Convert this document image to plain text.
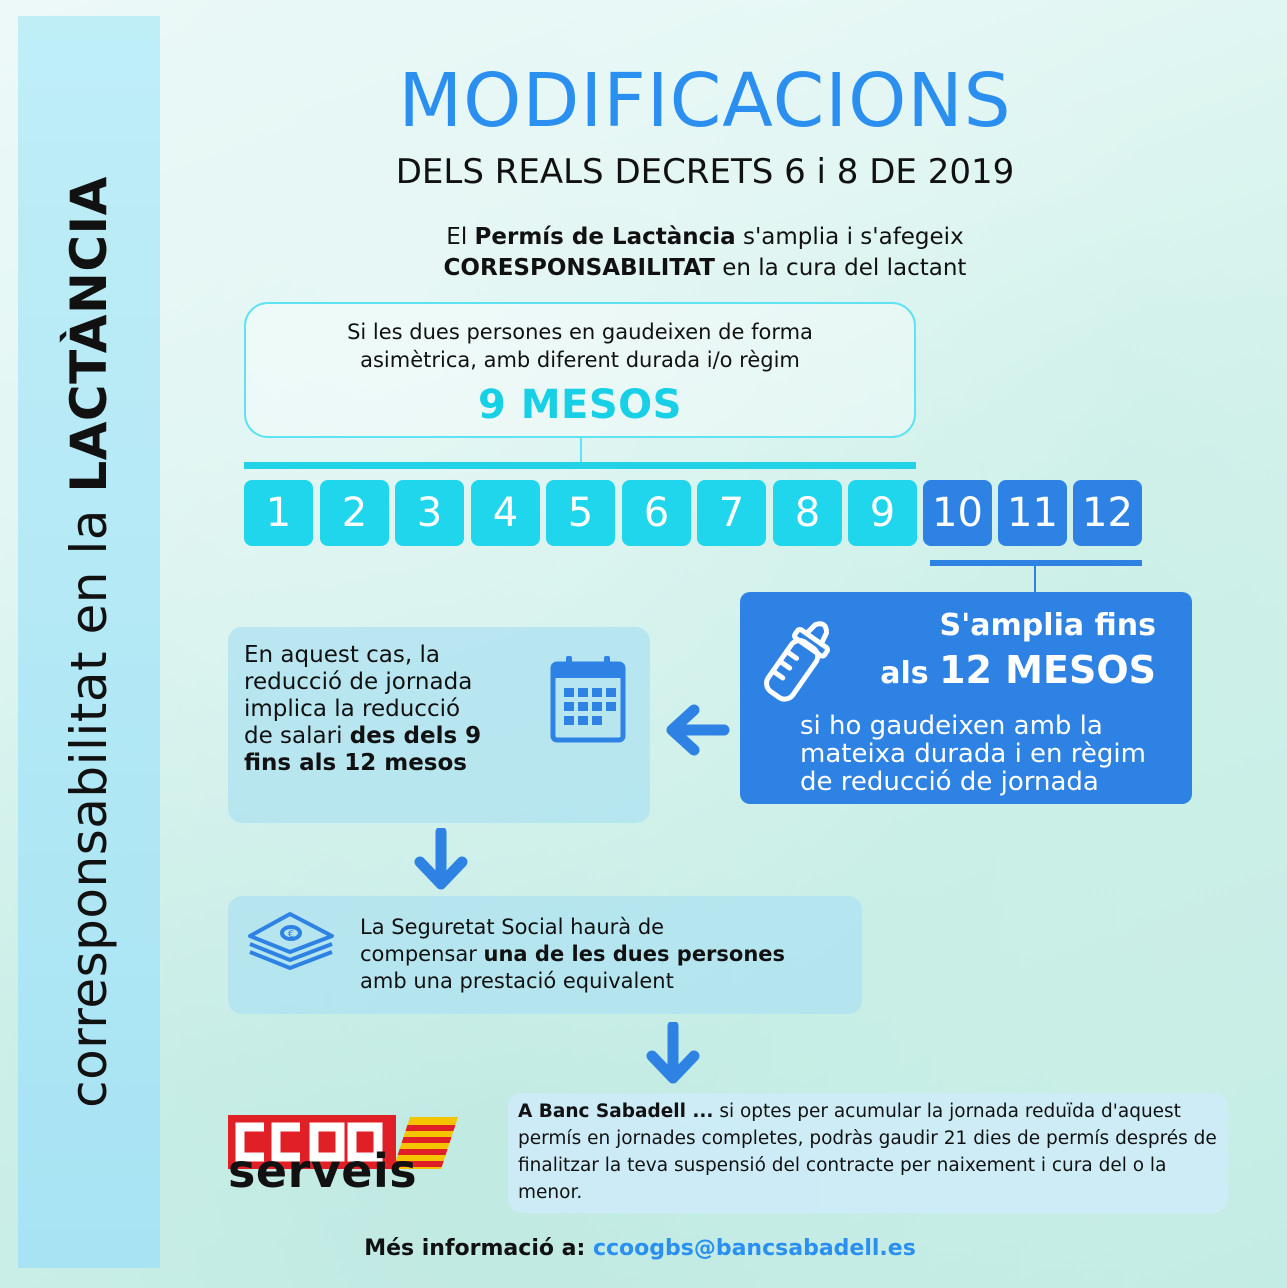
corresponsabilitat en la LACTÀNCIA
MODIFICACIONS
DELS REALS DECRETS 6 i 8 DE 2019
El Permís de Lactància s'amplia i s'afegeix
CORESPONSABILITAT en la cura del lactant
Si les dues persones en gaudeixen de forma
asimètrica, amb diferent durada i/o règim
9 MESOS
1	2	3	4	5	6	7	8	9 10 11 12
S'amplia fins
als 12 MESOS
si ho gaudeixen amb la
mateixa durada i en règim
de reducció de jornada
En aquest cas, la
reducció de jornada
implica la reducció
de salari des dels 9
fins als 12 mesos
€	La Seguretat Social haurà de
compensar una de les dues persones
amb una prestació equivalent
A Banc Sabadell ... si optes per acumular la jornada reduïda d'aquest permís en jornades completes, podràs gaudir 21 dies de permís després de finalitzar la teva suspensió del contracte per naixement i cura del o la menor.
serveis
Més informació a: ccoogbs@bancsabadell.es
